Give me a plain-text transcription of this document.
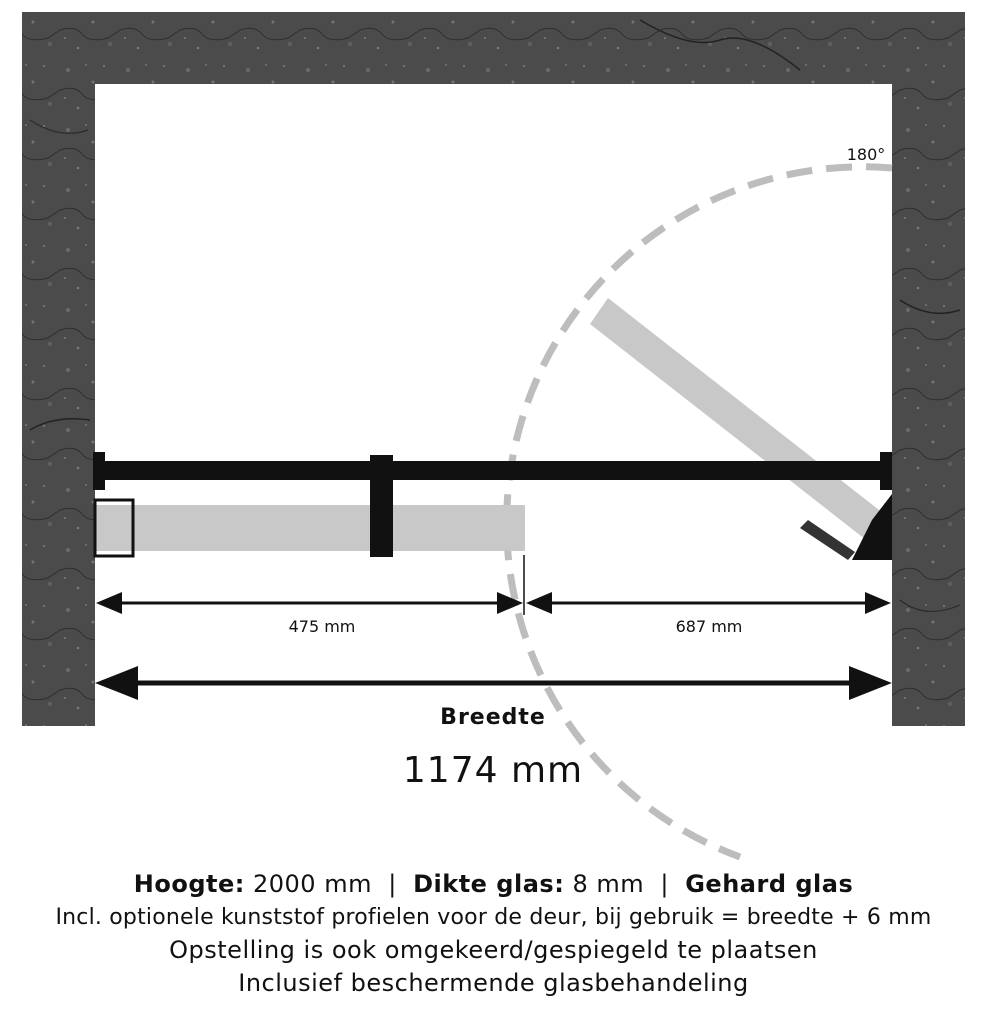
180°
475 mm	687 mm
Breedte
1174 mm
Hoogte: 2000 mm | Dikte glas: 8 mm | Gehard glas
Incl. optionele kunststof profielen voor de deur, bij gebruik = breedte + 6 mm
Opstelling is ook omgekeerd/gespiegeld te plaatsen
Inclusief beschermende glasbehandeling
